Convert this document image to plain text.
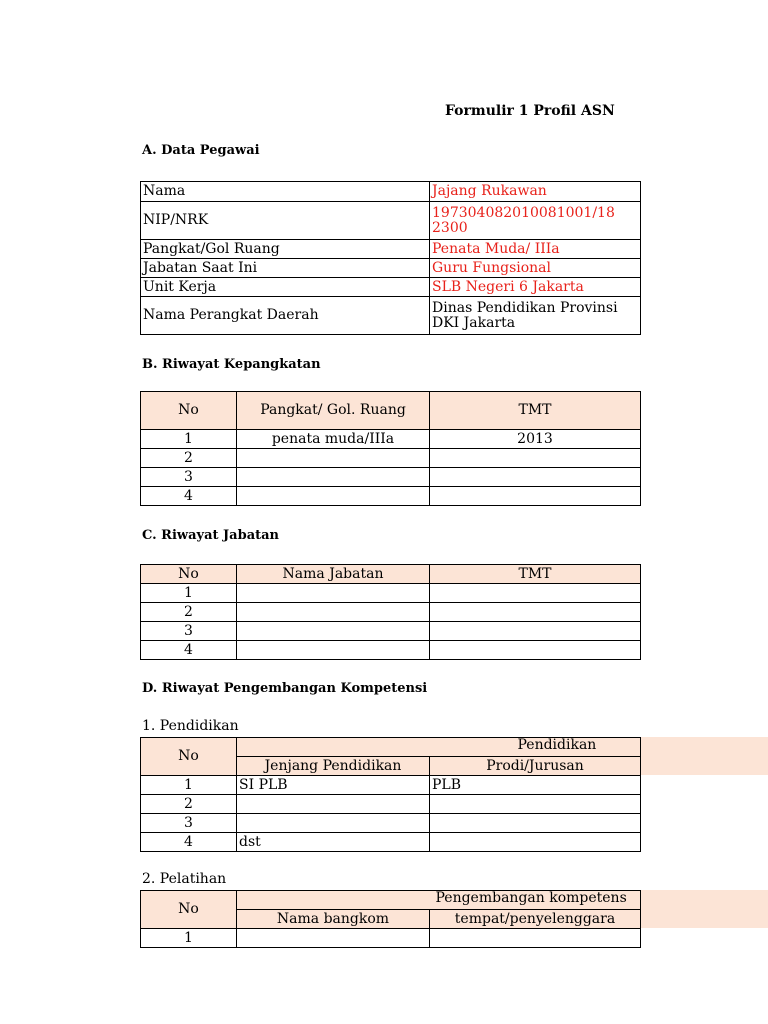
Formulir 1 Profil ASN
A. Data Pegawai
Nama	Jajang Rukawan
NIP/NRK	197304082010081001/18 2300
Pangkat/Gol Ruang	Penata Muda/ IIIa
Jabatan Saat Ini	Guru Fungsional
Unit Kerja	SLB Negeri 6 Jakarta
Nama Perangkat Daerah	Dinas Pendidikan Provinsi DKI Jakarta
B. Riwayat Kepangkatan
No	Pangkat/ Gol. Ruang	TMT
1	penata muda/IIIa	2013
2		
3		
4		
C. Riwayat Jabatan
No	Nama Jabatan	TMT
1		
2		
3		
4		
D. Riwayat Pengembangan Kompetensi
1. Pendidikan
No		Pendidikan

	Jenjang Pendidikan	Prodi/Jurusan
1	SI PLB	PLB
2		
3		
4	dst	
2. Pelatihan
No		Pengembangan kompetens

	Nama bangkom	tempat/penyelenggara
1		
